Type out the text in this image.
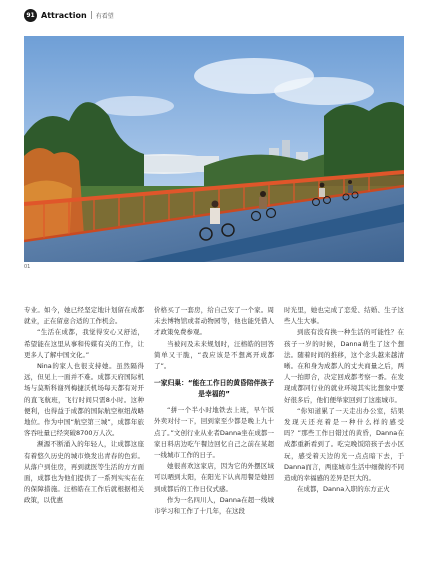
91 Attraction 有看望
01

专业。如今，她已经坚定地计划留在成都就业，正在留意合适的工作机会。

“生活在成都，我觉得安心又舒适，希望能在这里从事和传媒有关的工作，让更多人了解中国文化。”

Nina的家人也很支持她。虽然隔得远，但见上一面并不难。成都天府国际机场与莫斯科谢列梅捷沃机场每天都有对开的直飞航班，飞行时间只需8小时。这种便利，也得益于成都的国际航空枢纽战略地位。作为中国“航空第三城”，成都年旅客吞吐量已经突破8700万人次。

濒源不断涌入的年轻人，让成都这座有着悠久历史的城市焕发出青春的色彩。从落户到住房，再到就医等生活的方方面面，成都也为他们提供了一系列实实在在的保障措施。汪榕皓在工作后就根据相关政策，以优惠

价格买了一套房，给自己安了一个家。周末去博物馆或者动物园等，他也能凭借人才政策免费参观。

当被问及未来规划时，汪榕皓的回答简单又干脆，“我应该是不想离开成都了”。

一家归巢：“能在工作日的黄昏陪伴孩子是幸福的”

“拼一个半小时地铁去上班，早午饭外卖对付一下，回到家至少都是晚上九十点了。”文创行业从业者Danna坐在成都一家日料店边吃午餐边回忆自己之前在某超一线城市工作的日子。

她很喜欢这家店，因为它的外摆区域可以晒到太阳，在阳光下认真用餐是她回到成都后的工作日仪式感。

作为一名四川人，Danna在超一线城市学习和工作了十几年，在这段

时光里，她也完成了恋爱、结婚、生子这些人生大事。

到底有没有换一种生活的可能性？在孩子一岁的时候，Danna萌生了这个想法。随着时间的推移，这个念头越来越清晰。在和身为成都人的丈夫商量之后，两人一拍即合，决定回成都考察一番。在发现成都同行业的就业环境其实比想象中要好很多后，他们便举家回到了这座城市。

“你知道累了一天走出办公室，结果发现天还亮着是一种什么样的感受吗？”那些工作日错过的黄昏，Danna在成都重新看到了。吃完晚饭陪孩子去小区玩，感受着天边的光一点点暗下去，于Danna而言，两座城市生活中细微的不同造成的幸福感的差异是巨大的。

在成都，Danna入职的东方正火
